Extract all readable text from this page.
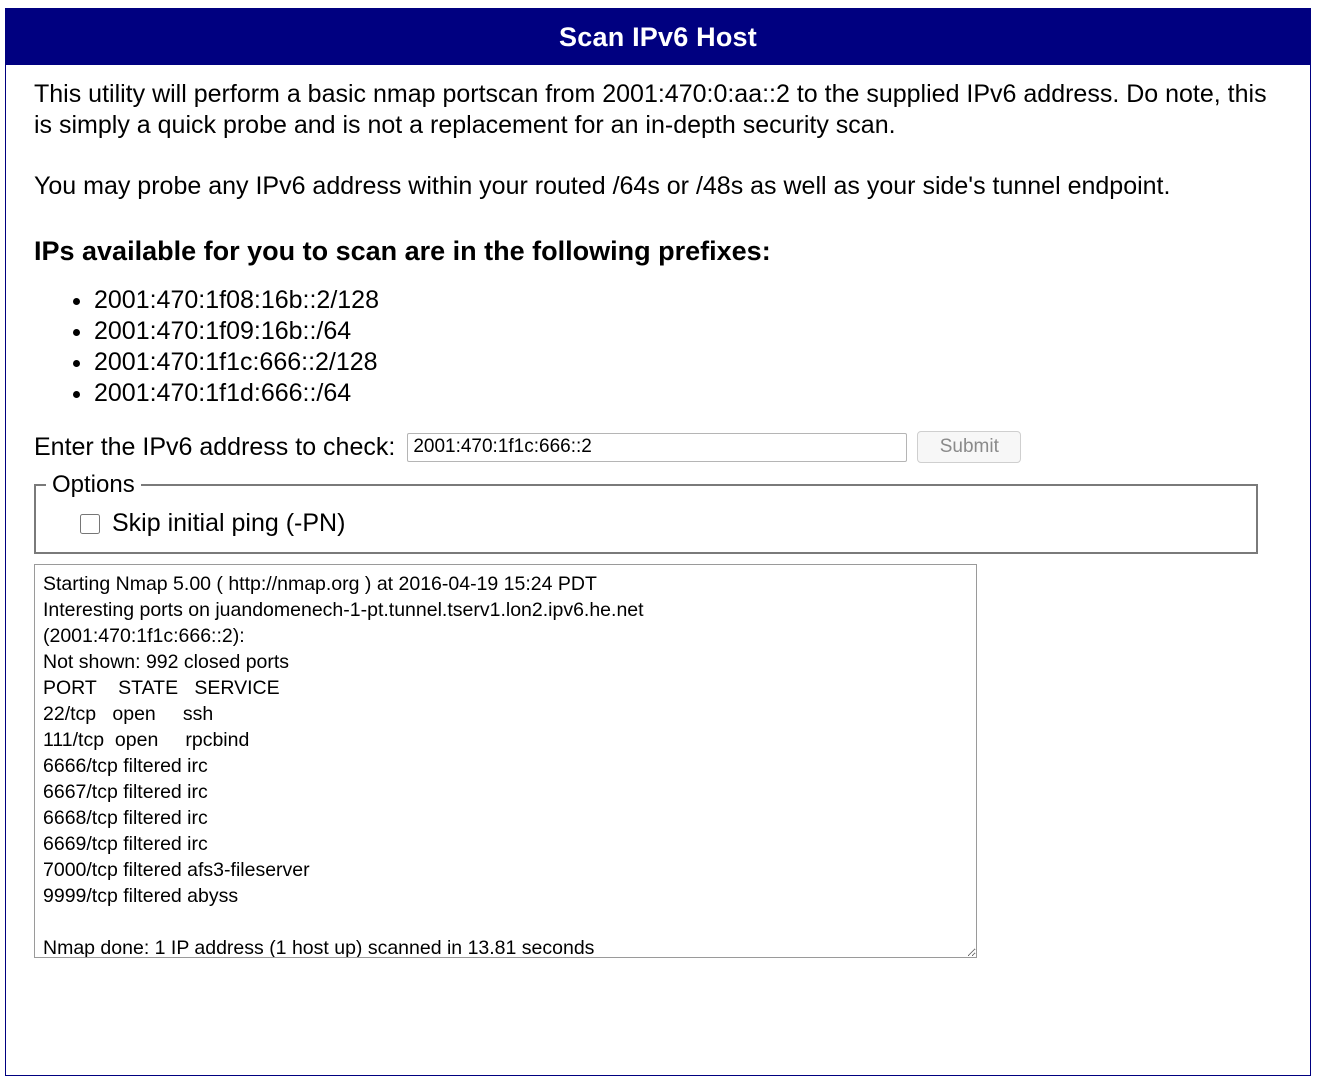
Scan IPv6 Host

This utility will perform a basic nmap portscan from 2001:470:0:aa::2 to the supplied IPv6 address. Do note, this is simply a quick probe and is not a replacement for an in-depth security scan.

You may probe any IPv6 address within your routed /64s or /48s as well as your side's tunnel endpoint.

IPs available for you to scan are in the following prefixes:
• 2001:470:1f08:16b::2/128
• 2001:470:1f09:16b::/64
• 2001:470:1f1c:666::2/128
• 2001:470:1f1d:666::/64
Enter the IPv6 address to check:
2001:470:1f1c:666::2	Submit
Options
Skip initial ping (-PN)
Starting Nmap 5.00 ( http://nmap.org ) at 2016-04-19 15:24 PDT Interesting ports on juandomenech-1-pt.tunnel.tserv1.lon2.ipv6.he.net (2001:470:1f1c:666::2): Not shown: 992 closed ports PORT STATE SERVICE 22/tcp open ssh 111/tcp open rpcbind 6666/tcp filtered irc 6667/tcp filtered irc 6668/tcp filtered irc 6669/tcp filtered irc 7000/tcp filtered afs3-fileserver 9999/tcp filtered abyss Nmap done: 1 IP address (1 host up) scanned in 13.81 seconds
